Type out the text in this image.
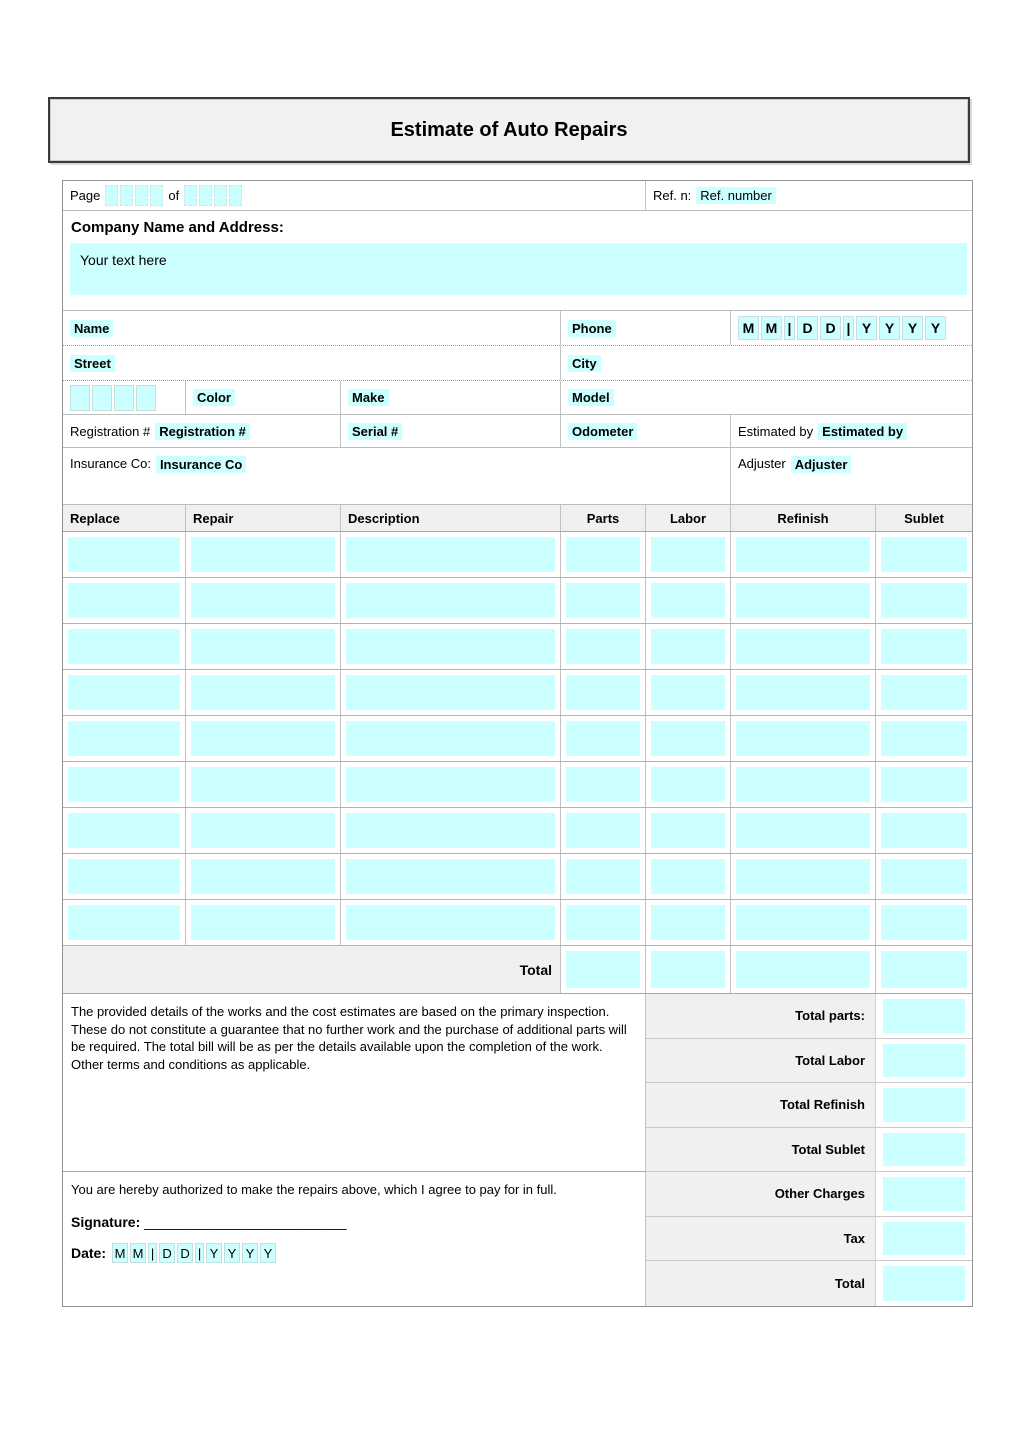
Estimate of Auto Repairs
Page	of	Ref. n: Ref. number
Company Name and Address:
Your text here
Name	Phone	M M | D D | Y Y Y Y
Street	City
Color	Make	Model
Registration # Registration #	Serial #	Odometer	Estimated by Estimated by
Insurance Co: Insurance Co	Adjuster Adjuster
Replace	Repair	Description	Parts	Labor	Refinish	Sublet
Total
The provided details of the works and the cost estimates are based on the primary inspection. These do not constitute a guarantee that no further work and the purchase of additional parts will be required. The total bill will be as per the details available upon the completion of the work. Other terms and conditions as applicable.
You are hereby authorized to make the repairs above, which I agree to pay for in full.
Signature: __________________________
Date: M M | D D | Y Y Y Y
Total parts:
Total Labor
Total Refinish
Total Sublet
Other Charges
Tax
Total
